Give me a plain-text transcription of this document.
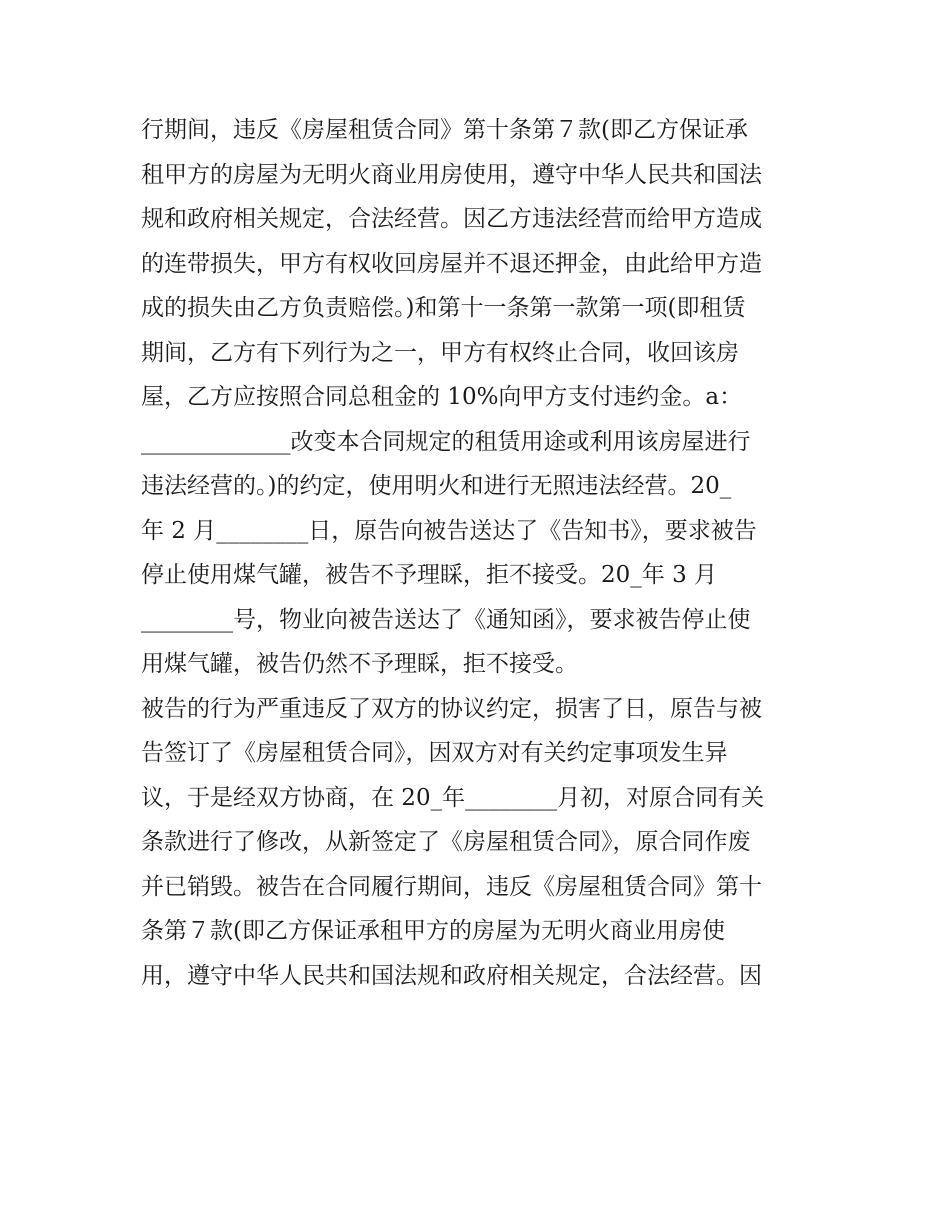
行期间，违反《房屋租赁合同》第十条第７款(即乙方保证承
租甲方的房屋为无明火商业用房使用，遵守中华人民共和国法
规和政府相关规定，合法经营。因乙方违法经营而给甲方造成
的连带损失，甲方有权收回房屋并不退还押金，由此给甲方造
成的损失由乙方负责赔偿。)和第十一条第一款第一项(即租赁
期间，乙方有下列行为之一，甲方有权终止合同，收回该房
屋，乙方应按照合同总租金的 10%向甲方支付违约金。a：
_____________改变本合同规定的租赁用途或利用该房屋进行
违法经营的。)的约定，使用明火和进行无照违法经营。20_
年 2 月________日，原告向被告送达了《告知书》，要求被告
停止使用煤气罐，被告不予理睬，拒不接受。20_年 3 月
________号，物业向被告送达了《通知函》，要求被告停止使
用煤气罐，被告仍然不予理睬，拒不接受。
被告的行为严重违反了双方的协议约定，损害了日，原告与被
告签订了《房屋租赁合同》，因双方对有关约定事项发生异
议，于是经双方协商，在 20_年________月初，对原合同有关
条款进行了修改，从新签定了《房屋租赁合同》，原合同作废
并已销毁。被告在合同履行期间，违反《房屋租赁合同》第十
条第７款(即乙方保证承租甲方的房屋为无明火商业用房使
用，遵守中华人民共和国法规和政府相关规定，合法经营。因
